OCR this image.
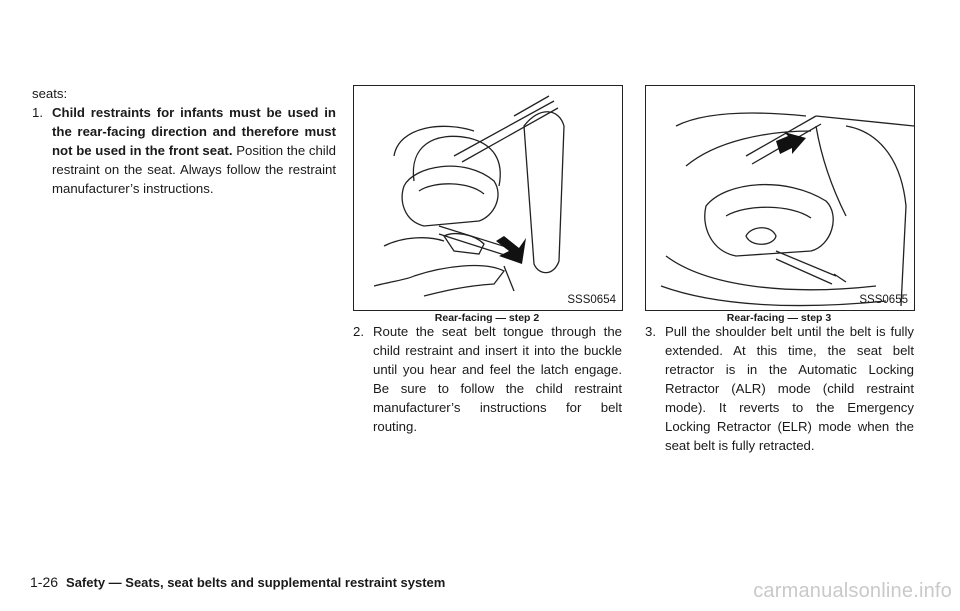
seats:

1. Child restraints for infants must be used in the rear-facing direction and therefore must not be used in the front seat. Position the child restraint on the seat. Always follow the restraint manufacturer’s instructions.

SSS0654
Rear-facing — step 2
SSS0655
Rear-facing — step 3

2. Route the seat belt tongue through the child restraint and insert it into the buckle until you hear and feel the latch engage. Be sure to follow the child restraint manufacturer’s instructions for belt routing.

3. Pull the shoulder belt until the belt is fully extended. At this time, the seat belt retractor is in the Automatic Locking Retractor (ALR) mode (child restraint mode). It reverts to the Emergency Locking Retractor (ELR) mode when the seat belt is fully retracted.

1-26 Safety — Seats, seat belts and supplemental restraint system	carmanualsonline.info
